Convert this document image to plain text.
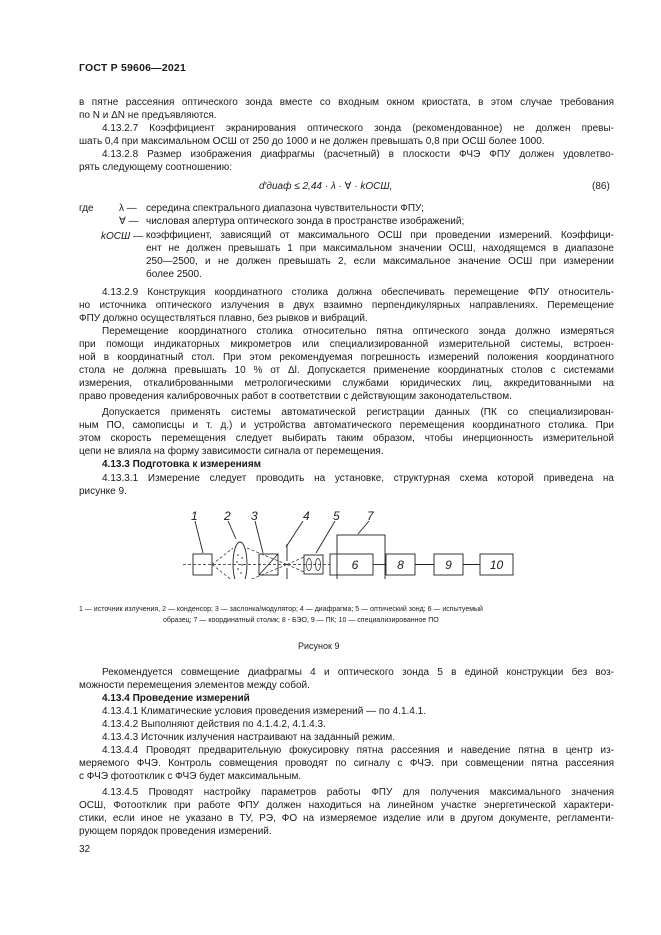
ГОСТ Р 59606—2021
в пятне рассеяния оптического зонда вместе со входным окном криостата, в этом случае требования
по N и ΔN не предъявляются.
4.13.2.7 Коэффициент экранирования оптического зонда (рекомендованное) не должен превы-
шать 0,4 при максимальном ОСШ от 250 до 1000 и не должен превышать 0,8 при ОСШ более 1000.
4.13.2.8 Размер изображения диафрагмы (расчетный) в плоскости ФЧЭ ФПУ должен удовлетво-
рять следующему соотношению:
d′диаф ≤ 2,44 · λ · ∀ · kОСШ,	(86)
где	λ — середина спектрального диапазона чувствительности ФПУ;
∀ — числовая апертура оптического зонда в пространстве изображений;
kОСШ — коэффициент, зависящий от максимального ОСШ при проведении измерений. Коэффици-
ент не должен превышать 1 при максимальном значении ОСШ, находящемся в диапазоне
250—2500, и не должен превышать 2, если максимальное значение ОСШ при измерении
более 2500.
4.13.2.9 Конструкция координатного столика должна обеспечивать перемещение ФПУ относитель-
но источника оптического излучения в двух взаимно перпендикулярных направлениях. Перемещение
ФПУ должно осуществляться плавно, без рывков и вибраций.
Перемещение координатного столика относительно пятна оптического зонда должно измеряться
при помощи индикаторных микрометров или специализированной измерительной системы, встроен-
ной в координатный стол. При этом рекомендуемая погрешность измерений положения координатного
стола не должна превышать 10 % от Δl. Допускается применение координатных столов с системами
измерения, откалиброванными метрологическими службами юридических лиц, аккредитованными на
право проведения калибровочных работ в соответствии с действующим законодательством.
Допускается применять системы автоматической регистрации данных (ПК со специализирован-
ным ПО, самописцы и т. д.) и устройства автоматического перемещения координатного столика. При
этом скорость перемещения следует выбирать таким образом, чтобы инерционность измерительной
цепи не влияла на форму зависимости сигнала от перемещения.
4.13.3 Подготовка к измерениям
4.13.3.1 Измерение следует проводить на установке, структурная схема которой приведена на
рисунке 9.
1 2 3	4 5 7
6	8	9	10
1 — источник излучения, 2 — конденсор; 3 — заслонка/модулятор; 4 — диафрагма; 5 — оптический зонд; 6 — испытуемый
образец; 7 — координатный столик; 8 - БЭО, 9 — ПК; 10 — специализированное ПО
Рисунок 9
Рекомендуется совмещение диафрагмы 4 и оптического зонда 5 в единой конструкции без воз-
можности перемещения элементов между собой.
4.13.4 Проведение измерений
4.13.4.1 Климатические условия проведения измерений — по 4.1.4.1.
4.13.4.2 Выполняют действия по 4.1.4.2, 4.1.4.3.
4.13.4.3 Источник излучения настраивают на заданный режим.
4.13.4.4 Проводят предварительную фокусировку пятна рассеяния и наведение пятна в центр из-
меряемого ФЧЭ. Контроль совмещения проводят по сигналу с ФЧЭ. при совмещении пятна рассеяния
с ФЧЭ фотоотклик с ФЧЭ будет максимальным.
4.13.4.5 Проводят настройку параметров работы ФПУ для получения максимального значения
ОСШ, Фотоотклик при работе ФПУ должен находиться на линейном участке энергетической характери-
стики, если иное не указано в ТУ, РЭ, ФО на измеряемое изделие или в другом документе, регламенти-
рующем порядок проведения измерений.
32
